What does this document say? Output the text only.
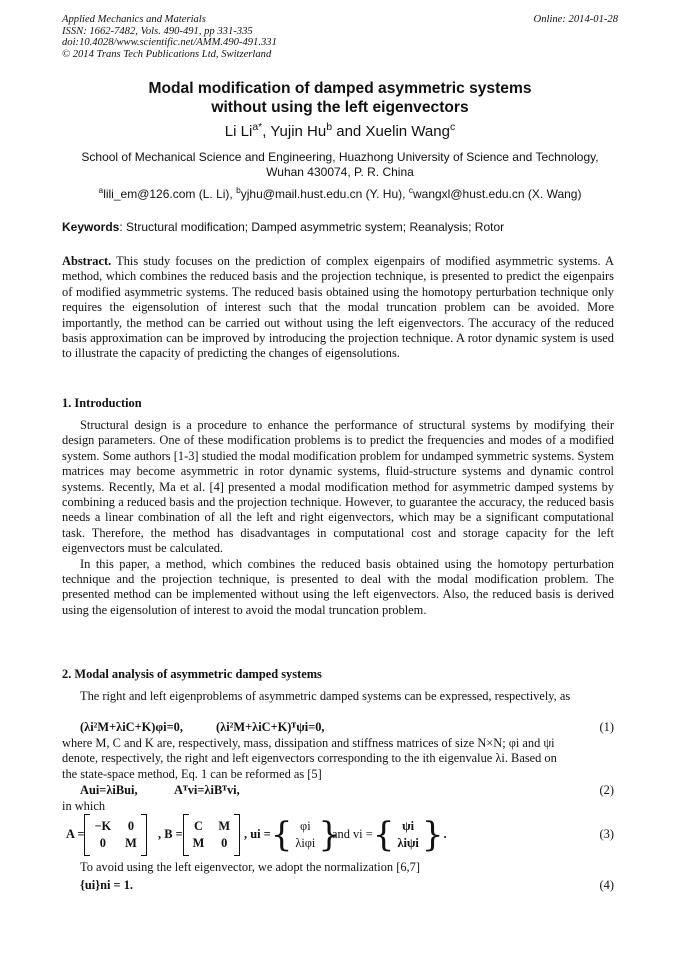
Applied Mechanics and Materials
ISSN: 1662-7482, Vols. 490-491, pp 331-335
doi:10.4028/www.scientific.net/AMM.490-491.331
© 2014 Trans Tech Publications Ltd, Switzerland
Online: 2014-01-28
Modal modification of damped asymmetric systems
without using the left eigenvectors
Li $Li^{a*}$, Yujin Hu$^b$ and Xuelin Wang$^c$
School of Mechanical Science and Engineering, Huazhong University of Science and Technology,
Wuhan 430074, P. R. China
$^a$lili_em@126.com (L. Li), $^b$yjhu@mail.hust.edu.cn (Y. Hu), $^c$wangxl@hust.edu.cn (X. Wang)
Keywords: Structural modification; Damped asymmetric system; Reanalysis; Rotor

Abstract. This study focuses on the prediction of complex eigenpairs of modified asymmetric systems. A method, which combines the reduced basis and the projection technique, is presented to predict the eigenpairs of modified asymmetric systems. The reduced basis obtained using the homotopy perturbation technique only requires the eigensolution of interest such that the modal truncation problem can be avoided. More importantly, the method can be carried out without using the left eigenvectors. The accuracy of the reduced basis approximation can be improved by introducing the projection technique. A rotor dynamic system is used to illustrate the capacity of predicting the changes of eigensolutions.

1. Introduction

Structural design is a procedure to enhance the performance of structural systems by modifying their design parameters. One of these modification problems is to predict the frequencies and modes of a modified system. Some authors [1-3] studied the modal modification problem for undamped symmetric systems. System matrices may become asymmetric in rotor dynamic systems, fluid-structure systems and dynamic control systems. Recently, Ma et al. [4] presented a modal modification method for asymmetric damped systems by combining a reduced basis and the projection technique. However, to guarantee the accuracy, the reduced basis needs a linear combination of all the left and right eigenvectors, which may be a significant computational task. Therefore, the method has disadvantages in computational cost and storage capacity for the left eigenvectors must be calculated.

In this paper, a method, which combines the reduced basis obtained using the homotopy perturbation technique and the projection technique, is presented to deal with the modal modification problem. The presented method can be implemented without using the left eigenvectors. Also, the reduced basis is derived using the eigensolution of interest to avoid the modal truncation problem.

2. Modal analysis of asymmetric damped systems

The right and left eigenproblems of asymmetric damped systems can be expressed, respectively, as

(λi²M+λiC+K)φi=0,	(λi²M+λiC+K)ᵀψi=0,	(1)
where M, C and K are, respectively, mass, dissipation and stiffness matrices of size N×N; φi and ψi
denote, respectively, the right and left eigenvectors corresponding to the ith eigenvalue λi. Based on
the state-space method, Eq. 1 can be reformed as [5]
Aui=λiBui,	Aᵀvi=λiBᵀvi,	(2)
in which
A =
−K 0
0	M
, B =
C M
M 0
, ui = { φi
λiφi }
and vi = { ψi
λiψi } .	(3)

To avoid using the left eigenvector, we adopt the normalization [6,7]

{ui}ni = 1.	(4)
